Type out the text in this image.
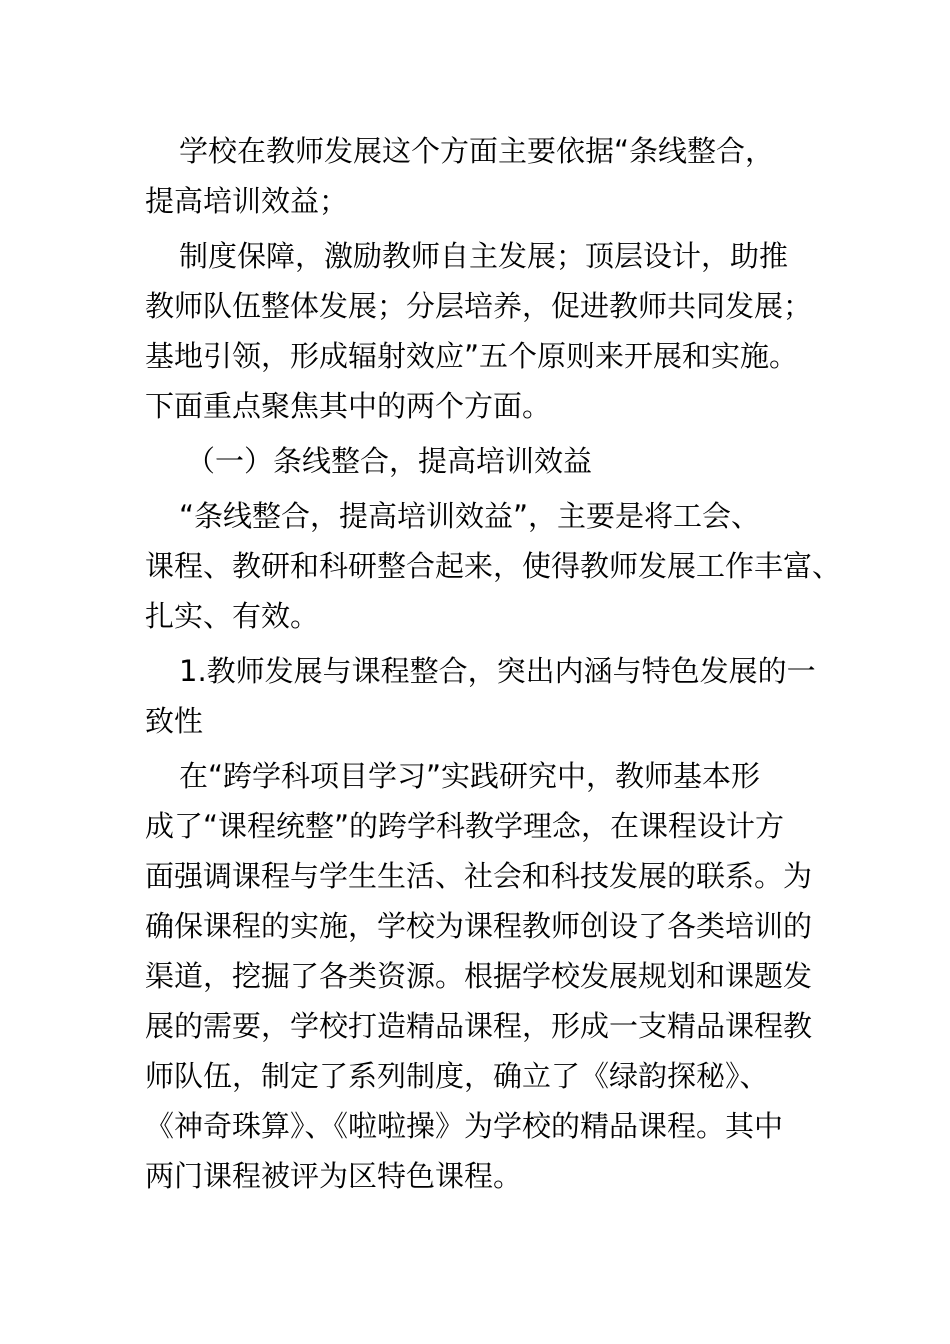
学校在教师发展这个方面主要依据“条线整合，
提高培训效益；
制度保障，激励教师自主发展；顶层设计，助推
教师队伍整体发展；分层培养，促进教师共同发展；
基地引领，形成辐射效应”五个原则来开展和实施。
下面重点聚焦其中的两个方面。
（一）条线整合，提高培训效益
“条线整合，提高培训效益”，主要是将工会、
课程、教研和科研整合起来，使得教师发展工作丰富、
扎实、有效。
1.教师发展与课程整合，突出内涵与特色发展的一
致性
在“跨学科项目学习”实践研究中，教师基本形
成了“课程统整”的跨学科教学理念，在课程设计方
面强调课程与学生生活、社会和科技发展的联系。为
确保课程的实施，学校为课程教师创设了各类培训的
渠道，挖掘了各类资源。根据学校发展规划和课题发
展的需要，学校打造精品课程，形成一支精品课程教
师队伍，制定了系列制度，确立了《绿韵探秘》、
《神奇珠算》、《啦啦操》为学校的精品课程。其中
两门课程被评为区特色课程。
